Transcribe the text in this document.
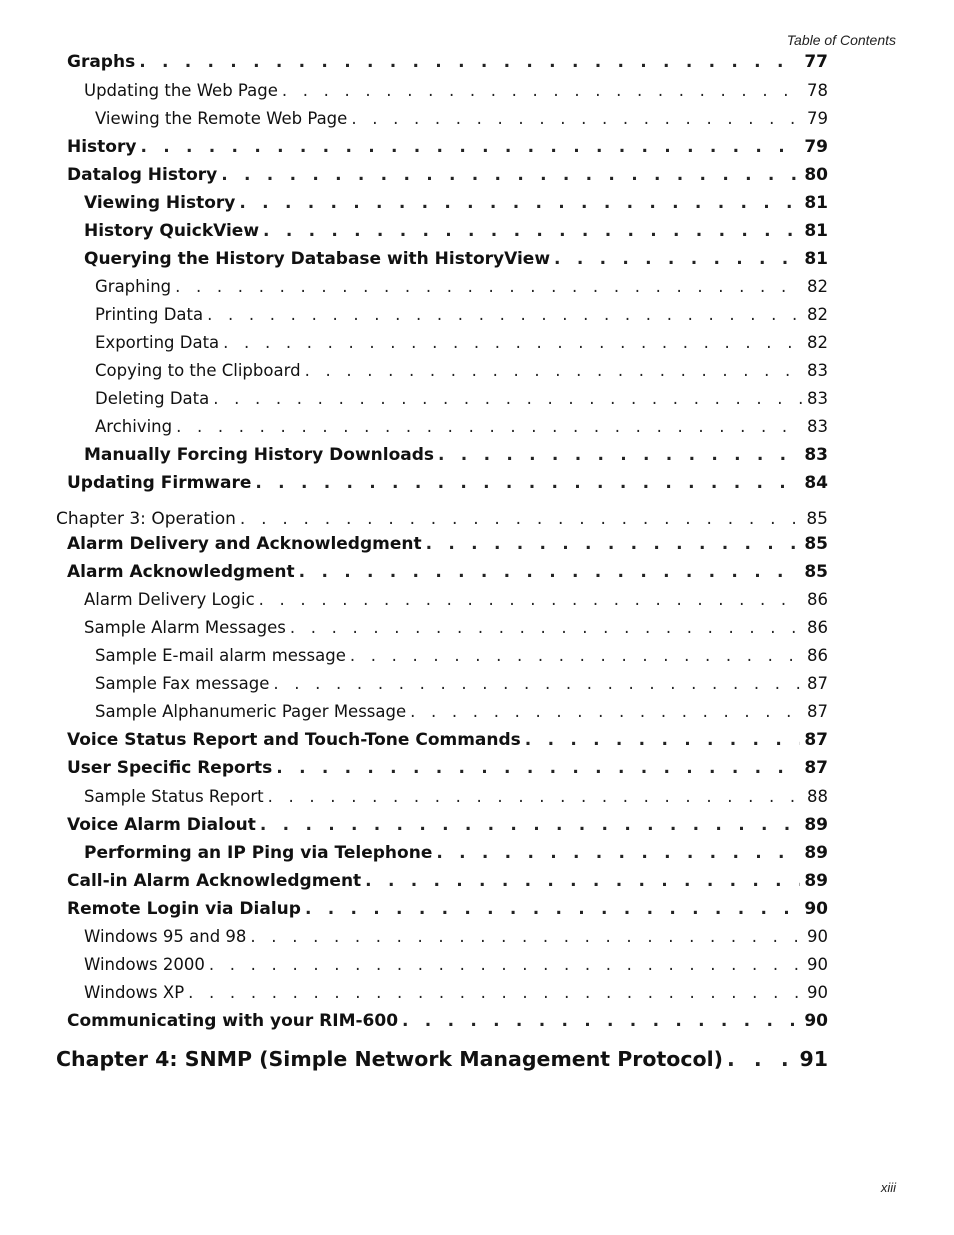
Table of Contents
Graphs . . .	77
Updating the Web Page . . .	78
Viewing the Remote Web Page . . .	79
History . . .	79
Datalog History . . .	80
Viewing History . . .	81
History QuickView . . .	81
Querying the History Database with HistoryView . . .	81
Graphing . . .	82
Printing Data . . .	82
Exporting Data . . .	82
Copying to the Clipboard . . .	83
Deleting Data . . .	83
Archiving . . .	83
Manually Forcing History Downloads . . .	83
Updating Firmware . . .	84
Chapter 3: Operation . . .	85
Alarm Delivery and Acknowledgment . . .	85
Alarm Acknowledgment . . .	85
Alarm Delivery Logic . . .	86
Sample Alarm Messages . . .	86
Sample E-mail alarm message . . .	86
Sample Fax message . . .	87
Sample Alphanumeric Pager Message . . .	87
Voice Status Report and Touch-Tone Commands . . .	87
User Specific Reports . . .	87
Sample Status Report . . .	88
Voice Alarm Dialout . . .	89
Performing an IP Ping via Telephone . . .	89
Call-in Alarm Acknowledgment . . .	89
Remote Login via Dialup . . .	90
Windows 95 and 98 . . .	90
Windows 2000 . . .	90
Windows XP . . .	90
Communicating with your RIM-600 . . .	90
Chapter 4: SNMP (Simple Network Management Protocol) . . .	91
xiii
